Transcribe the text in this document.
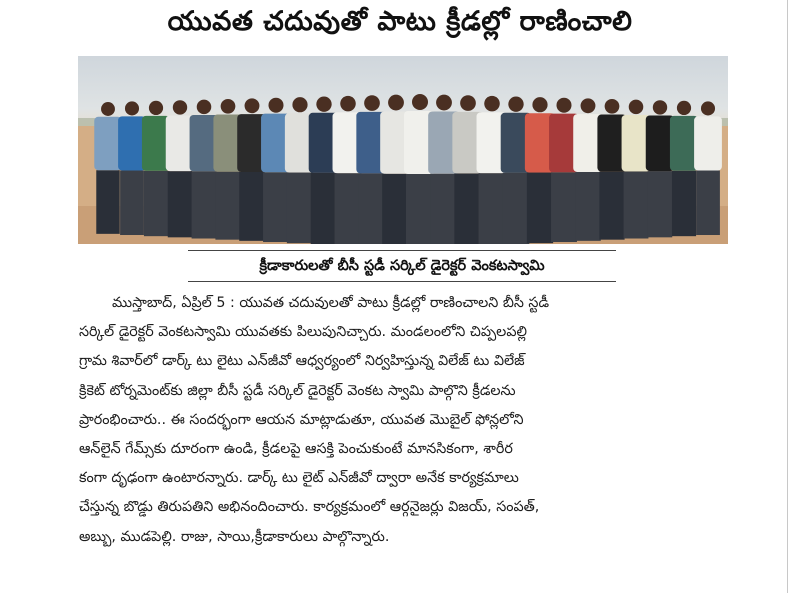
యువత చదువుతో పాటు క్రీడల్లో రాణించాలి
క్రీడాకారులతో బీసీ స్టడీ సర్కిల్‌ డైరెక్టర్‌ వెంకటస్వామి
ముస్తాబాద్‌, ఏప్రిల్‌ 5 : యువత చదువులతో పాటు క్రీడల్లో రాణించాలని బీసీ స్టడీ
సర్కిల్‌ డైరెక్టర్‌ వెంకటస్వామి యువతకు పిలుపునిచ్చారు. మండలంలోని చిప్పలపల్లి
గ్రామ శివార్‌లో డార్క్‌ టు లైటు ఎన్‌జీవో ఆధ్వర్యంలో నిర్వహిస్తున్న విలేజ్‌ టు విలేజ్‌
క్రికెట్‌ టోర్నమెంట్‌కు జిల్లా బీసీ స్టడీ సర్కిల్‌ డైరెక్టర్‌ వెంకట స్వామి పాల్గొని క్రీడలను
ప్రారంభించారు.. ఈ సందర్భంగా ఆయన మాట్లాడుతూ, యువత మొబైల్‌ ఫోన్లలోని
ఆన్‌లైన్‌ గేమ్స్‌కు దూరంగా ఉండి, క్రీడలపై ఆసక్తి పెంచుకుంటే మానసికంగా, శారీర
కంగా దృఢంగా ఉంటారన్నారు. డార్క్‌ టు లైట్‌ ఎన్‌జీవో ద్వారా అనేక కార్యక్రమాలు
చేస్తున్న బొడ్డు తిరుపతిని అభినందించారు. కార్యక్రమంలో ఆర్గనైజర్లు విజయ్‌, సంపత్‌,
అబ్బు, ముడపెల్లి. రాజు, సాయి,క్రీడాకారులు పాల్గొన్నారు.
